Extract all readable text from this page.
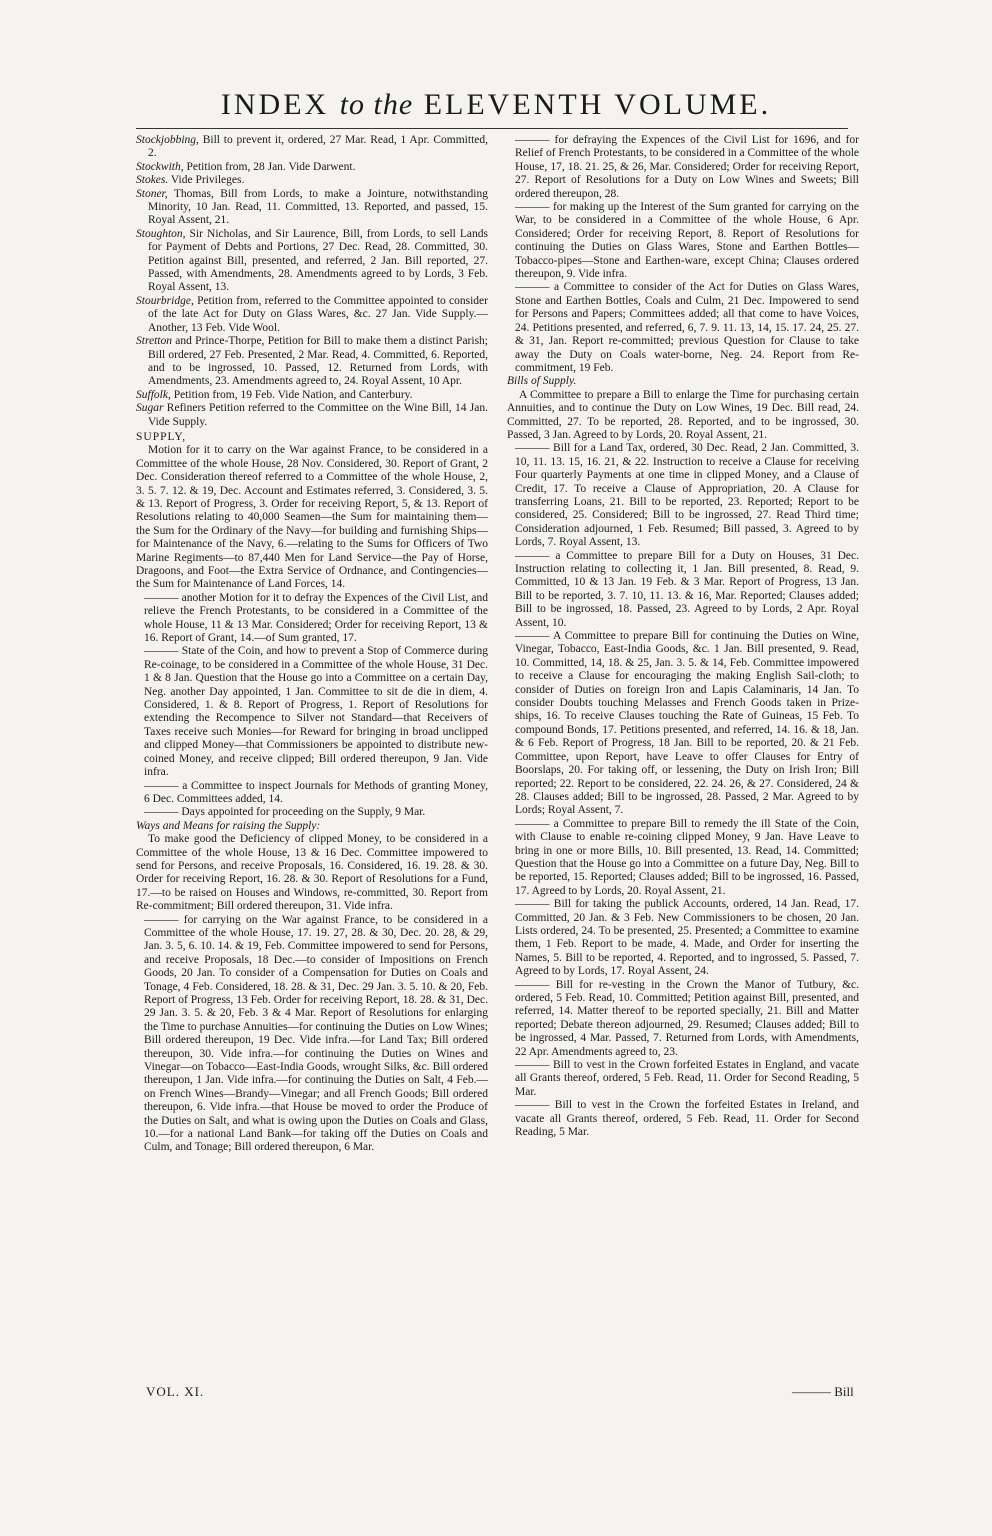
INDEX to the ELEVENTH VOLUME.

Stockjobbing, Bill to prevent it, ordered, 27 Mar. Read, 1 Apr. Committed, 2.

Stockwith, Petition from, 28 Jan. Vide Darwent.

Stokes. Vide Privileges.

Stoner, Thomas, Bill from Lords, to make a Jointure, notwithstanding Minority, 10 Jan. Read, 11. Committed, 13. Reported, and passed, 15. Royal Assent, 21.

Stoughton, Sir Nicholas, and Sir Laurence, Bill, from Lords, to sell Lands for Payment of Debts and Portions, 27 Dec. Read, 28. Committed, 30. Petition against Bill, presented, and referred, 2 Jan. Bill reported, 27. Passed, with Amendments, 28. Amendments agreed to by Lords, 3 Feb. Royal Assent, 13.

Stourbridge, Petition from, referred to the Committee appointed to consider of the late Act for Duty on Glass Wares, &c. 27 Jan. Vide Supply.—Another, 13 Feb. Vide Wool.

Stretton and Prince-Thorpe, Petition for Bill to make them a distinct Parish; Bill ordered, 27 Feb. Presented, 2 Mar. Read, 4. Committed, 6. Reported, and to be ingrossed, 10. Passed, 12. Returned from Lords, with Amendments, 23. Amendments agreed to, 24. Royal Assent, 10 Apr.

Suffolk, Petition from, 19 Feb. Vide Nation, and Canterbury.

Sugar Refiners Petition referred to the Committee on the Wine Bill, 14 Jan. Vide Supply.

SUPPLY,

Motion for it to carry on the War against France, to be considered in a Committee of the whole House, 28 Nov. Considered, 30. Report of Grant, 2 Dec. Consideration thereof referred to a Committee of the whole House, 2, 3. 5. 7. 12. & 19, Dec. Account and Estimates referred, 3. Considered, 3. 5. & 13. Report of Progress, 3. Order for receiving Report, 5, & 13. Report of Resolutions relating to 40,000 Seamen—the Sum for maintaining them—the Sum for the Ordinary of the Navy—for building and furnishing Ships—for Maintenance of the Navy, 6.—relating to the Sums for Officers of Two Marine Regiments—to 87,440 Men for Land Service—the Pay of Horse, Dragoons, and Foot—the Extra Service of Ordnance, and Contingencies—the Sum for Maintenance of Land Forces, 14.

——— another Motion for it to defray the Expences of the Civil List, and relieve the French Protestants, to be considered in a Committee of the whole House, 11 & 13 Mar. Considered; Order for receiving Report, 13 & 16. Report of Grant, 14.—of Sum granted, 17.

——— State of the Coin, and how to prevent a Stop of Commerce during Re-coinage, to be considered in a Committee of the whole House, 31 Dec. 1 & 8 Jan. Question that the House go into a Committee on a certain Day, Neg. another Day appointed, 1 Jan. Committee to sit de die in diem, 4. Considered, 1. & 8. Report of Progress, 1. Report of Resolutions for extending the Recompence to Silver not Standard—that Receivers of Taxes receive such Monies—for Reward for bringing in broad unclipped and clipped Money—that Commissioners be appointed to distribute new-coined Money, and receive clipped; Bill ordered thereupon, 9 Jan. Vide infra.

——— a Committee to inspect Journals for Methods of granting Money, 6 Dec. Committees added, 14.

——— Days appointed for proceeding on the Supply, 9 Mar.

Ways and Means for raising the Supply:

To make good the Deficiency of clipped Money, to be considered in a Committee of the whole House, 13 & 16 Dec. Committee impowered to send for Persons, and receive Proposals, 16. Considered, 16. 19. 28. & 30. Order for receiving Report, 16. 28. & 30. Report of Resolutions for a Fund, 17.—to be raised on Houses and Windows, re-committed, 30. Report from Re-commitment; Bill ordered thereupon, 31. Vide infra.

——— for carrying on the War against France, to be considered in a Committee of the whole House, 17. 19. 27, 28. & 30, Dec. 20. 28, & 29, Jan. 3. 5, 6. 10. 14. & 19, Feb. Committee impowered to send for Persons, and receive Proposals, 18 Dec.—to consider of Impositions on French Goods, 20 Jan. To consider of a Compensation for Duties on Coals and Tonage, 4 Feb. Considered, 18. 28. & 31, Dec. 29 Jan. 3. 5. 10. & 20, Feb. Report of Progress, 13 Feb. Order for receiving Report, 18. 28. & 31, Dec. 29 Jan. 3. 5. & 20, Feb. 3 & 4 Mar. Report of Resolutions for enlarging the Time to purchase Annuities—for continuing the Duties on Low Wines; Bill ordered thereupon, 19 Dec. Vide infra.—for Land Tax; Bill ordered thereupon, 30. Vide infra.—for continuing the Duties on Wines and Vinegar—on Tobacco—East-India Goods, wrought Silks, &c. Bill ordered thereupon, 1 Jan. Vide infra.—for continuing the Duties on Salt, 4 Feb.—on French Wines—Brandy—Vinegar; and all French Goods; Bill ordered thereupon, 6. Vide infra.—that House be moved to order the Produce of the Duties on Salt, and what is owing upon the Duties on Coals and Glass, 10.—for a national Land Bank—for taking off the Duties on Coals and Culm, and Tonage; Bill ordered thereupon, 6 Mar.

——— for defraying the Expences of the Civil List for 1696, and for Relief of French Protestants, to be considered in a Committee of the whole House, 17, 18. 21. 25, & 26, Mar. Considered; Order for receiving Report, 27. Report of Resolutions for a Duty on Low Wines and Sweets; Bill ordered thereupon, 28.

——— for making up the Interest of the Sum granted for carrying on the War, to be considered in a Committee of the whole House, 6 Apr. Considered; Order for receiving Report, 8. Report of Resolutions for continuing the Duties on Glass Wares, Stone and Earthen Bottles—Tobacco-pipes—Stone and Earthen-ware, except China; Clauses ordered thereupon, 9. Vide infra.

——— a Committee to consider of the Act for Duties on Glass Wares, Stone and Earthen Bottles, Coals and Culm, 21 Dec. Impowered to send for Persons and Papers; Committees added; all that come to have Voices, 24. Petitions presented, and referred, 6, 7. 9. 11. 13, 14, 15. 17. 24, 25. 27. & 31, Jan. Report re-committed; previous Question for Clause to take away the Duty on Coals water-borne, Neg. 24. Report from Re-commitment, 19 Feb.

Bills of Supply.

A Committee to prepare a Bill to enlarge the Time for purchasing certain Annuities, and to continue the Duty on Low Wines, 19 Dec. Bill read, 24. Committed, 27. To be reported, 28. Reported, and to be ingrossed, 30. Passed, 3 Jan. Agreed to by Lords, 20. Royal Assent, 21.

——— Bill for a Land Tax, ordered, 30 Dec. Read, 2 Jan. Committed, 3. 10, 11. 13. 15, 16. 21, & 22. Instruction to receive a Clause for receiving Four quarterly Payments at one time in clipped Money, and a Clause of Credit, 17. To receive a Clause of Appropriation, 20. A Clause for transferring Loans, 21. Bill to be reported, 23. Reported; Report to be considered, 25. Considered; Bill to be ingrossed, 27. Read Third time; Consideration adjourned, 1 Feb. Resumed; Bill passed, 3. Agreed to by Lords, 7. Royal Assent, 13.

——— a Committee to prepare Bill for a Duty on Houses, 31 Dec. Instruction relating to collecting it, 1 Jan. Bill presented, 8. Read, 9. Committed, 10 & 13 Jan. 19 Feb. & 3 Mar. Report of Progress, 13 Jan. Bill to be reported, 3. 7. 10, 11. 13. & 16, Mar. Reported; Clauses added; Bill to be ingrossed, 18. Passed, 23. Agreed to by Lords, 2 Apr. Royal Assent, 10.

——— A Committee to prepare Bill for continuing the Duties on Wine, Vinegar, Tobacco, East-India Goods, &c. 1 Jan. Bill presented, 9. Read, 10. Committed, 14, 18. & 25, Jan. 3. 5. & 14, Feb. Committee impowered to receive a Clause for encouraging the making English Sail-cloth; to consider of Duties on foreign Iron and Lapis Calaminaris, 14 Jan. To consider Doubts touching Melasses and French Goods taken in Prize-ships, 16. To receive Clauses touching the Rate of Guineas, 15 Feb. To compound Bonds, 17. Petitions presented, and referred, 14. 16. & 18, Jan. & 6 Feb. Report of Progress, 18 Jan. Bill to be reported, 20. & 21 Feb. Committee, upon Report, have Leave to offer Clauses for Entry of Boorslaps, 20. For taking off, or lessening, the Duty on Irish Iron; Bill reported; 22. Report to be considered, 22. 24. 26, & 27. Considered, 24 & 28. Clauses added; Bill to be ingrossed, 28. Passed, 2 Mar. Agreed to by Lords; Royal Assent, 7.

——— a Committee to prepare Bill to remedy the ill State of the Coin, with Clause to enable re-coining clipped Money, 9 Jan. Have Leave to bring in one or more Bills, 10. Bill presented, 13. Read, 14. Committed; Question that the House go into a Committee on a future Day, Neg. Bill to be reported, 15. Reported; Clauses added; Bill to be ingrossed, 16. Passed, 17. Agreed to by Lords, 20. Royal Assent, 21.

——— Bill for taking the publick Accounts, ordered, 14 Jan. Read, 17. Committed, 20 Jan. & 3 Feb. New Commissioners to be chosen, 20 Jan. Lists ordered, 24. To be presented, 25. Presented; a Committee to examine them, 1 Feb. Report to be made, 4. Made, and Order for inserting the Names, 5. Bill to be reported, 4. Reported, and to ingrossed, 5. Passed, 7. Agreed to by Lords, 17. Royal Assent, 24.

——— Bill for re-vesting in the Crown the Manor of Tutbury, &c. ordered, 5 Feb. Read, 10. Committed; Petition against Bill, presented, and referred, 14. Matter thereof to be reported specially, 21. Bill and Matter reported; Debate thereon adjourned, 29. Resumed; Clauses added; Bill to be ingrossed, 4 Mar. Passed, 7. Returned from Lords, with Amendments, 22 Apr. Amendments agreed to, 23.

——— Bill to vest in the Crown forfeited Estates in England, and vacate all Grants thereof, ordered, 5 Feb. Read, 11. Order for Second Reading, 5 Mar.

——— Bill to vest in the Crown the forfeited Estates in Ireland, and vacate all Grants thereof, ordered, 5 Feb. Read, 11. Order for Second Reading, 5 Mar.

VOL. XI.	——— Bill
